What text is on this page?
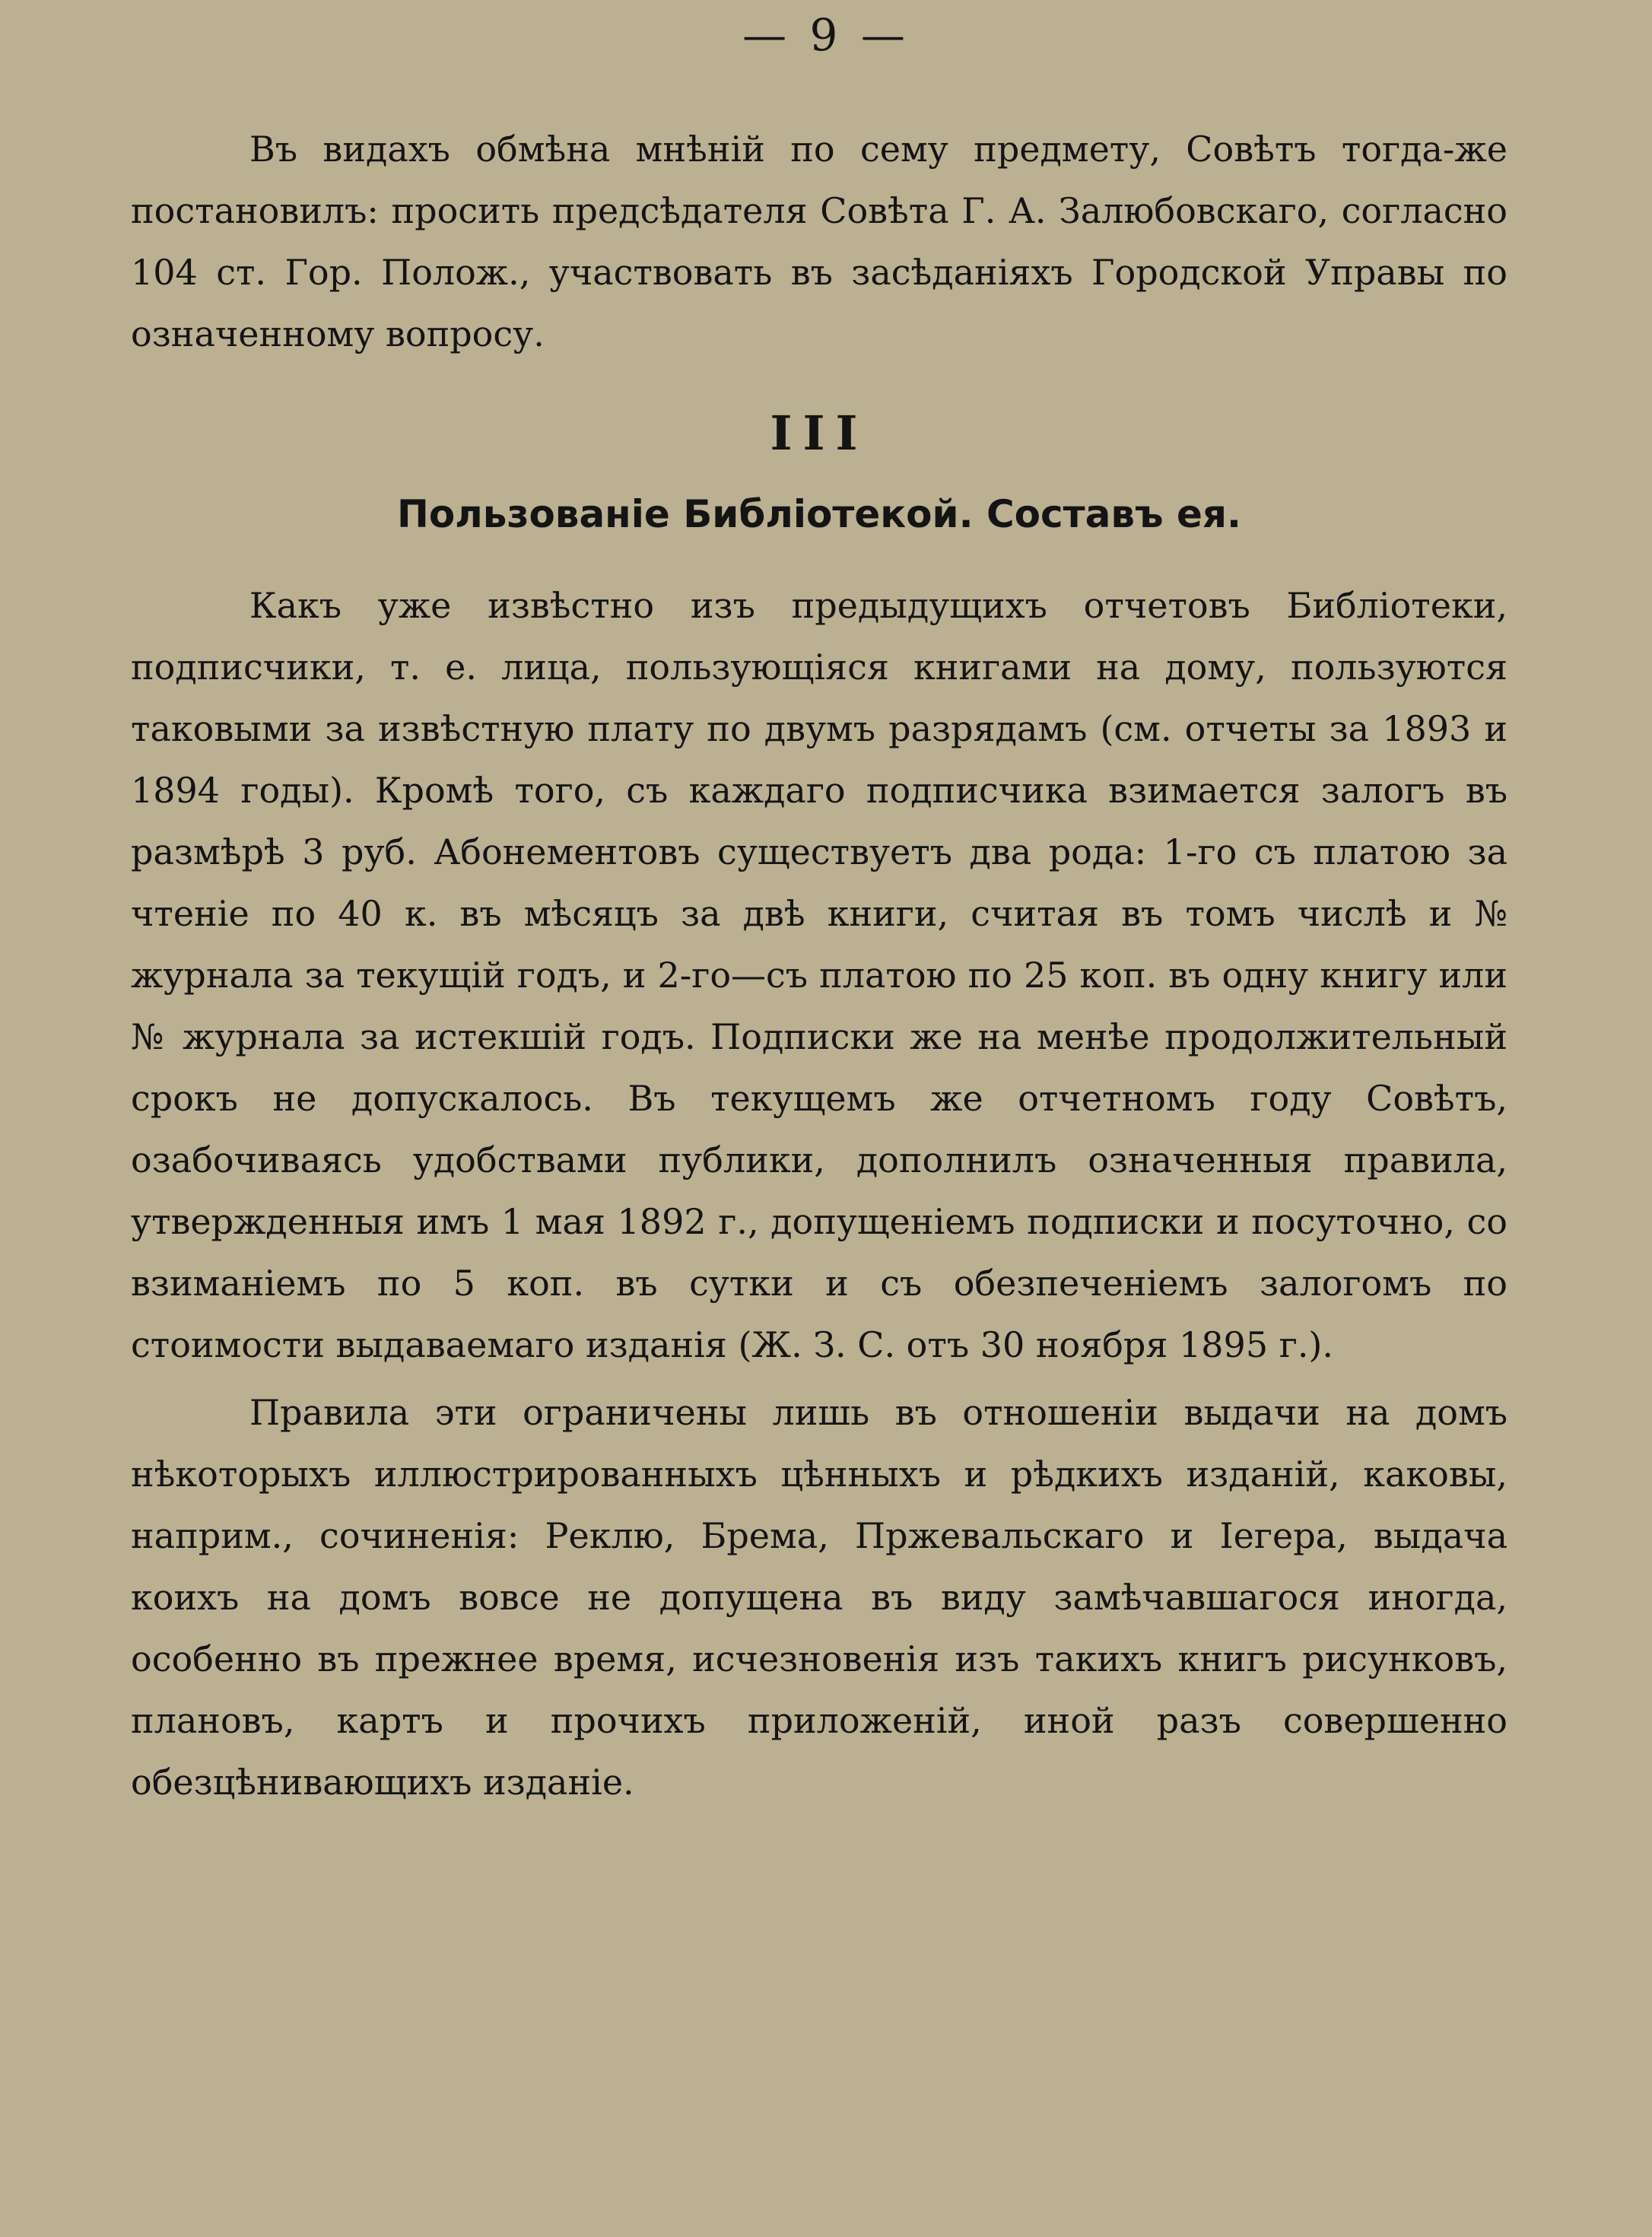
— 9 —

Въ видахъ обмѣна мнѣній по сему предмету, Совѣтъ тогда-же постановилъ: просить предсѣдателя Совѣта Г. А. Залюбовскаго, согласно 104 ст. Гор. Полож., участвовать въ засѣданіяхъ Городской Управы по означенному вопросу.

III
Пользованіе Библіотекой. Составъ ея.

Какъ уже извѣстно изъ предыдущихъ отчетовъ Библіотеки, подписчики, т. е. лица, пользующіяся книгами на дому, пользуются таковыми за извѣстную плату по двумъ разрядамъ (см. отчеты за 1893 и 1894 годы). Кромѣ того, съ каждаго подписчика взимается залогъ въ размѣрѣ 3 руб. Абонементовъ существуетъ два рода: 1-го съ платою за чтеніе по 40 к. въ мѣсяцъ за двѣ книги, считая въ томъ числѣ и № журнала за текущій годъ, и 2-го—съ платою по 25 коп. въ одну книгу или № журнала за истекшій годъ. Подписки же на менѣе продолжительный срокъ не допускалось. Въ текущемъ же отчетномъ году Совѣтъ, озабочиваясь удобствами публики, дополнилъ означенныя правила, утвержденныя имъ 1 мая 1892 г., допущеніемъ подписки и посуточно, со взиманіемъ по 5 коп. въ сутки и съ обезпеченіемъ залогомъ по стоимости выдаваемаго изданія (Ж. З. С. отъ 30 ноября 1895 г.).

Правила эти ограничены лишь въ отношеніи выдачи на домъ нѣкоторыхъ иллюстрированныхъ цѣнныхъ и рѣдкихъ изданій, каковы, наприм., сочиненія: Реклю, Брема, Пржевальскаго и Іегера, выдача коихъ на домъ вовсе не допущена въ виду замѣчавшагося иногда, особенно въ прежнее время, исчезновенія изъ такихъ книгъ рисунковъ, плановъ, картъ и прочихъ приложеній, иной разъ совершенно обезцѣнивающихъ изданіе.
